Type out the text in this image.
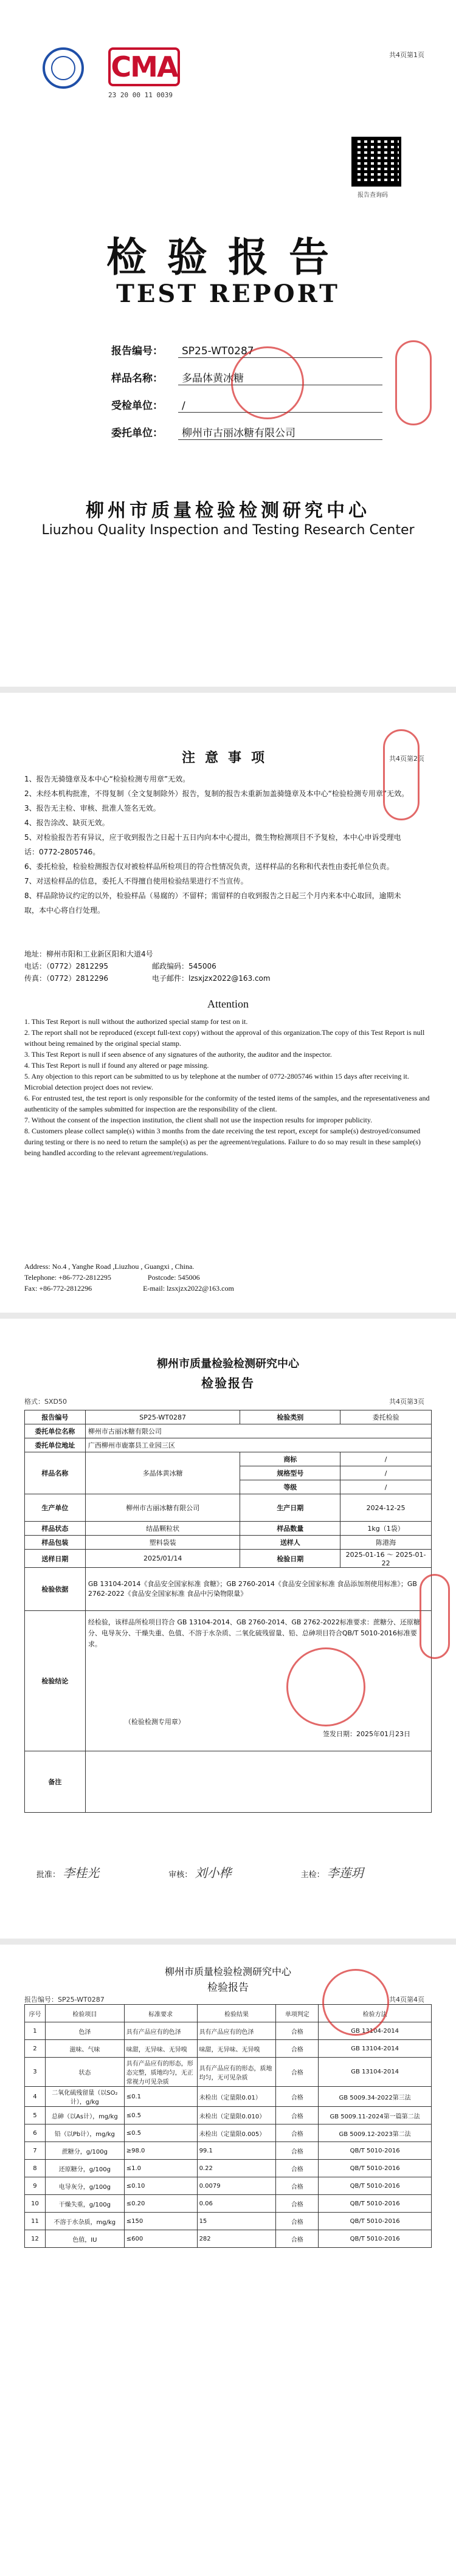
CMA
23 20 00 11 0039
共4页第1页
报告查询码
检验报告
TEST REPORT
报告编号： SP25-WT0287
样品名称： 多晶体黄冰糖
受检单位： /
委托单位： 柳州市古丽冰糖有限公司
柳州市质量检验检测研究中心
Liuzhou Quality Inspection and Testing Research Center
共4页第2页
注意事项
1、报告无骑缝章及本中心“检验检测专用章”无效。
2、未经本机构批准，不得复制（全文复制除外）报告，复制的报告未重新加盖骑缝章及本中心“检验检测专用章”无效。
3、报告无主检、审核、批准人签名无效。
4、报告涂改、缺页无效。
5、对检验报告若有异议，应于收到报告之日起十五日内向本中心提出，微生物检测项目不予复检，本中心申诉受理电话：0772-2805746。
6、委托检验，检验检测报告仅对被检样品所检项目的符合性情况负责，送样样品的名称和代表性由委托单位负责。
7、对送检样品的信息，委托人不得擅自使用检验结果进行不当宣传。
8、样品除协议约定的以外，检验样品（易腐的）不留样；需留样的自收到报告之日起三个月内来本中心取回，逾期未取，本中心将自行处理。
地址：柳州市阳和工业新区阳和大道4号
电话：（0772）2812295　　　　　　邮政编码：545006
传真：（0772）2812296　　　　　　电子邮件：lzsxjzx2022@163.com
Attention
1. This Test Report is null without the authorized special stamp for test on it.
2. The report shall not be reproduced (except full-text copy) without the approval of this organization.The copy of this Test Report is null without being remained by the original special stamp.
3. This Test Report is null if seen absence of any signatures of the authority, the auditor and the inspector.
4. This Test Report is null if found any altered or page missing.
5. Any objection to this report can be submitted to us by telephone at the number of 0772-2805746 within 15 days after receiving it. Microbial detection project does not review.
6. For entrusted test, the test report is only responsible for the conformity of the tested items of the samples, and the representativeness and authenticity of the samples submitted for inspection are the responsibility of the client.
7. Without the consent of the inspection institution, the client shall not use the inspection results for improper publicity.
8. Customers please collect sample(s) within 3 months from the date receiving the test report, except for sample(s) destroyed/consumed during testing or there is no need to return the sample(s) as per the agreement/regulations. Failure to do so may result in these sample(s) being handled according to the relevant agreement/regulations.
Address: No.4 , Yanghe Road ,Liuzhou , Guangxi , China.
Telephone: +86-772-2812295　　　　　Postcode: 545006
Fax: +86-772-2812296　　　　　　　E-mail: lzsxjzx2022@163.com
柳州市质量检验检测研究中心
检验报告
格式：SXD50	共4页第3页
报告编号	SP25-WT0287	检验类别	委托检验
委托单位名称	柳州市古丽冰糖有限公司		
委托单位地址	广西柳州市鹿寨县工业园三区		
样品名称	多晶体黄冰糖	商标	/
		规格型号	/
		等级	/
生产单位	柳州市古丽冰糖有限公司	生产日期	2024-12-25
样品状态	结晶颗粒状	样品数量	1kg（1袋）
样品包装	塑料袋装	送样人	陈港海
送样日期	2025/01/14	检验日期	2025-01-16 ～ 2025-01-22
检验依据	GB 13104-2014《食品安全国家标准 食糖》；GB 2760-2014《食品安全国家标准 食品添加剂使用标准》；GB 2762-2022《食品安全国家标准 食品中污染物限量》		
检验结论	经检验，该样品所检项目符合 GB 13104-2014、GB 2760-2014、GB 2762-2022标准要求：蔗糖分、还原糖分、电导灰分、干燥失重、色值、不溶于水杂质、二氧化硫残留量、铅、总砷项目符合QB/T 5010-2016标准要求。
（检验检测专用章）
签发日期：2025年01月23日		

备注			
批准： 李桂光	审核： 刘小桦	主检： 李莲玥
柳州市质量检验检测研究中心
检验报告
报告编号：SP25-WT0287	共4页第4页
序号	检验项目	标准要求	检验结果	单项判定	检验方法
1	色泽	具有产品应有的色泽	具有产品应有的色泽	合格	GB 13104-2014
2	滋味、气味	味甜，无异味、无异嗅	味甜，无异味、无异嗅	合格	GB 13104-2014
3	状态	具有产品应有的形态，形态完整，质地均匀，无正常视力可见杂质	具有产品应有的形态，质地均匀，无可见杂质	合格	GB 13104-2014
4	二氧化硫残留量（以SO₂计），g/kg	≤0.1	未检出（定量限0.01）	合格	GB 5009.34-2022第三法
5	总砷（以As计），mg/kg	≤0.5	未检出（定量限0.010）	合格	GB 5009.11-2024第一篇第二法
6	铅（以Pb计），mg/kg	≤0.5	未检出（定量限0.005）	合格	GB 5009.12-2023第二法
7	蔗糖分，g/100g	≥98.0	99.1	合格	QB/T 5010-2016
8	还原糖分，g/100g	≤1.0	0.22	合格	QB/T 5010-2016
9	电导灰分，g/100g	≤0.10	0.0079	合格	QB/T 5010-2016
10	干燥失重，g/100g	≤0.20	0.06	合格	QB/T 5010-2016
11	不溶于水杂质，mg/kg	≤150	15	合格	QB/T 5010-2016
12	色值，IU	≤600	282	合格	QB/T 5010-2016
